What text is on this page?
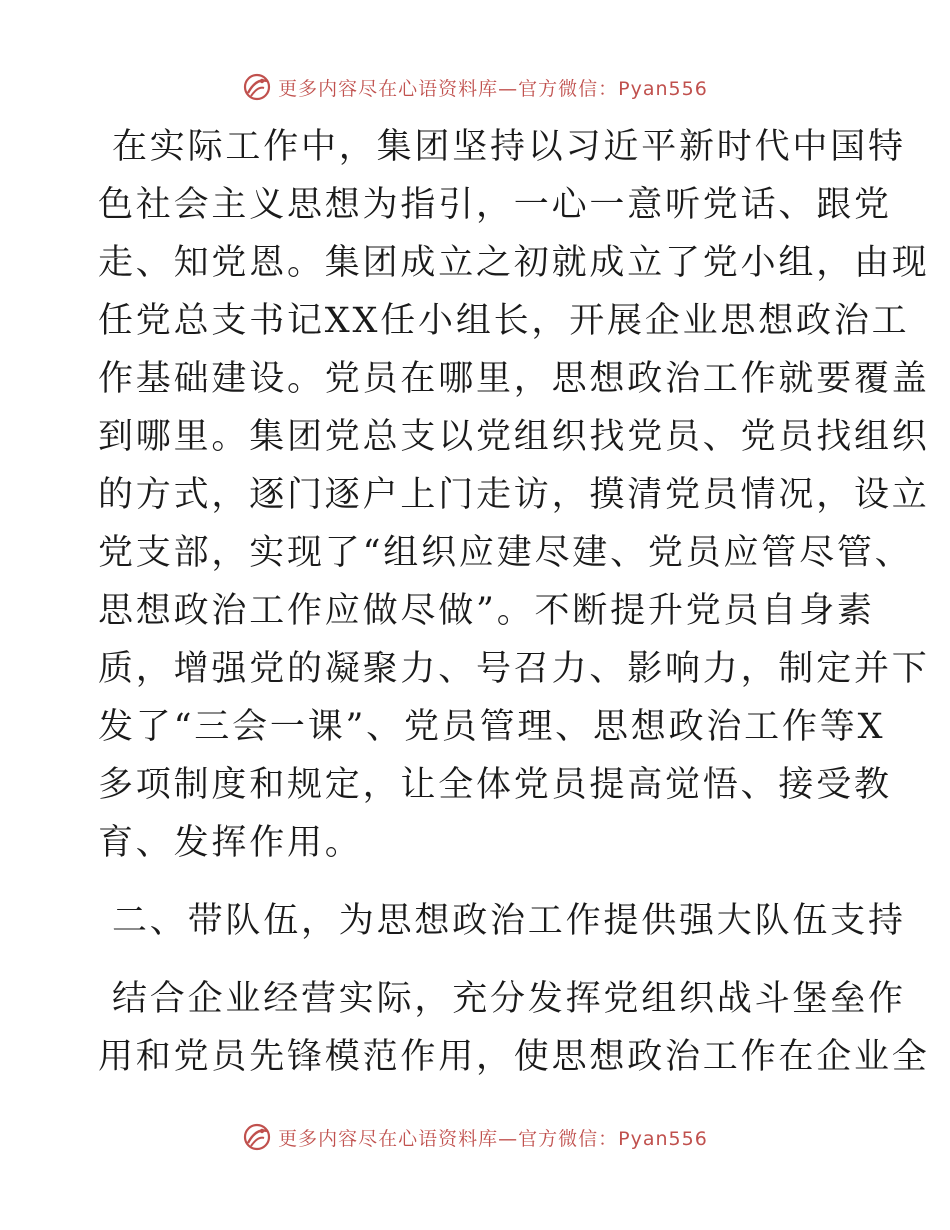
更多内容尽在心语资料库—官方微信：Pyan556
在实际工作中，集团坚持以习近平新时代中国特
色社会主义思想为指引，一心一意听党话、跟党
走、知党恩。集团成立之初就成立了党小组，由现
任党总支书记XX任小组长，开展企业思想政治工
作基础建设。党员在哪里，思想政治工作就要覆盖
到哪里。集团党总支以党组织找党员、党员找组织
的方式，逐门逐户上门走访，摸清党员情况，设立
党支部，实现了“组织应建尽建、党员应管尽管、
思想政治工作应做尽做”。不断提升党员自身素
质，增强党的凝聚力、号召力、影响力，制定并下
发了“三会一课”、党员管理、思想政治工作等X
多项制度和规定，让全体党员提高觉悟、接受教
育、发挥作用。
二、带队伍，为思想政治工作提供强大队伍支持
结合企业经营实际，充分发挥党组织战斗堡垒作
用和党员先锋模范作用，使思想政治工作在企业全
更多内容尽在心语资料库—官方微信：Pyan556
